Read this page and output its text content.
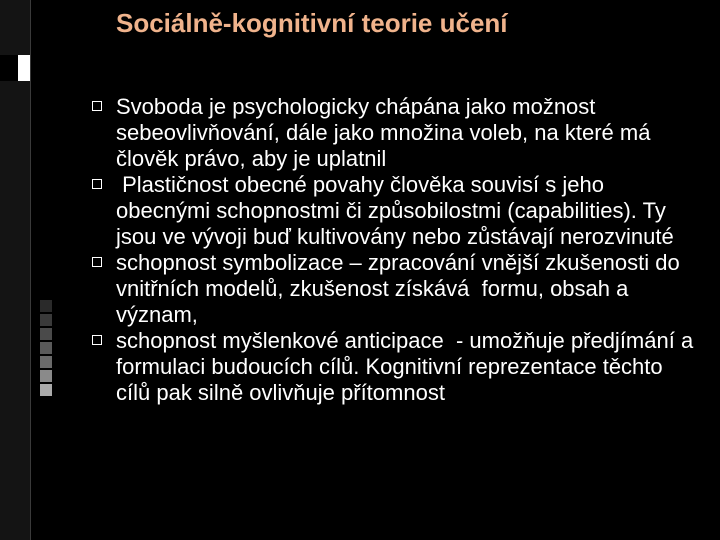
Sociálně-kognitivní teorie učení
Svoboda je psychologicky chápána jako možnost sebeovlivňování, dále jako množina voleb, na které má člověk právo, aby je uplatnil
Plastičnost obecné povahy člověka souvisí s jeho obecnými schopnostmi či způsobilostmi (capabilities). Ty jsou ve vývoji buď kultivovány nebo zůstávají nerozvinuté
schopnost symbolizace – zpracování vnější zkušenosti do vnitřních modelů, zkušenost získává  formu, obsah a význam,
schopnost myšlenkové anticipace  - umožňuje předjímání a formulaci budoucích cílů. Kognitivní reprezentace těchto cílů pak silně ovlivňuje přítomnost
